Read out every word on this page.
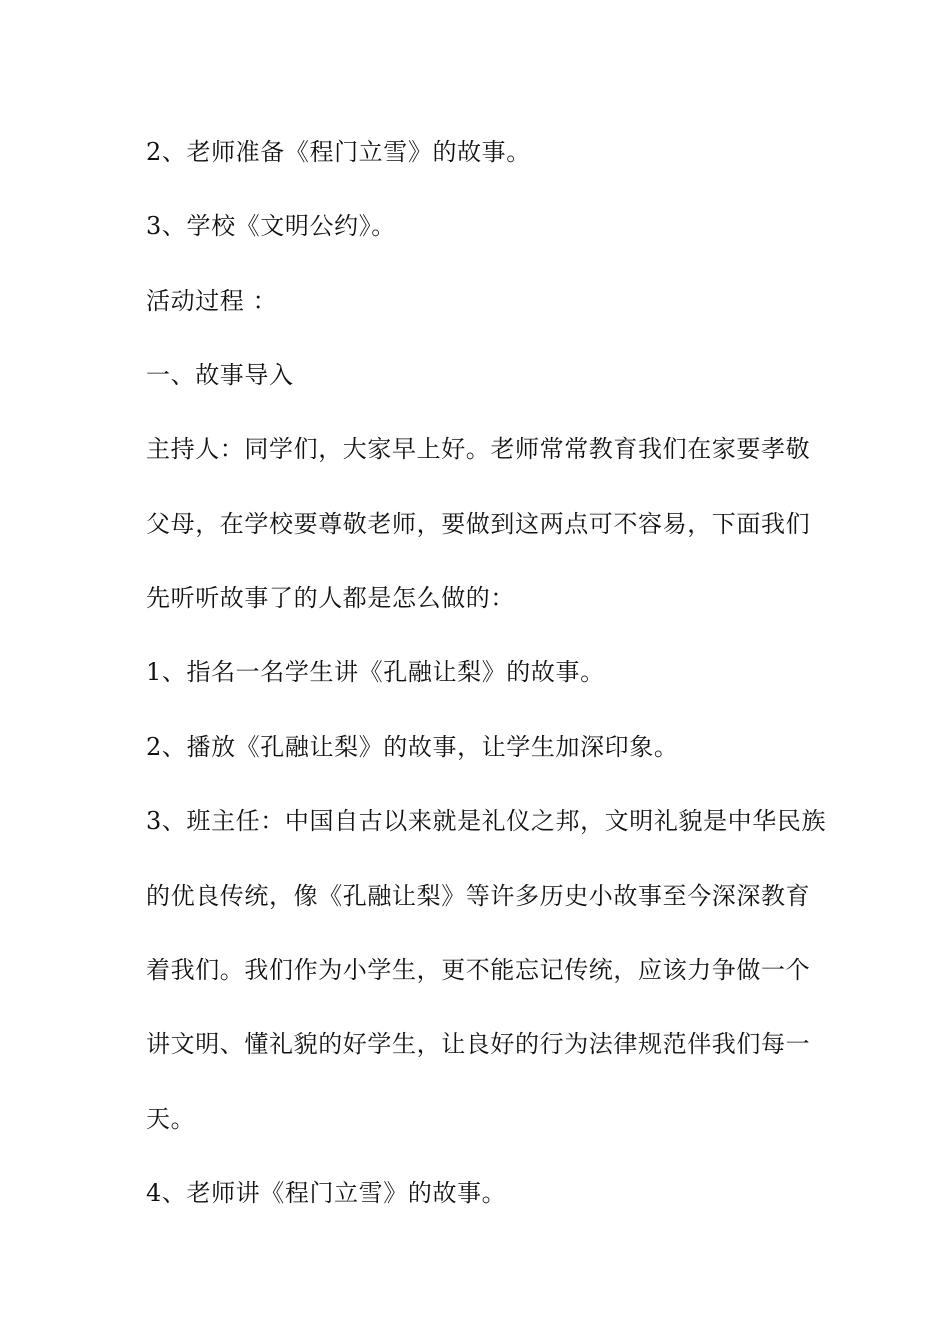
2、老师准备《程门立雪》的故事。

3、学校《文明公约》。

活动过程 ：

一、故事导入

主持人：同学们，大家早上好。老师常常教育我们在家要孝敬

父母，在学校要尊敬老师，要做到这两点可不容易，下面我们

先听听故事了的人都是怎么做的：

1、指名一名学生讲《孔融让梨》的故事。

2、播放《孔融让梨》的故事，让学生加深印象。

3、班主任：中国自古以来就是礼仪之邦，文明礼貌是中华民族

的优良传统，像《孔融让梨》等许多历史小故事至今深深教育

着我们。我们作为小学生，更不能忘记传统，应该力争做一个

讲文明、懂礼貌的好学生，让良好的行为法律规范伴我们每一

天。

4、老师讲《程门立雪》的故事。
